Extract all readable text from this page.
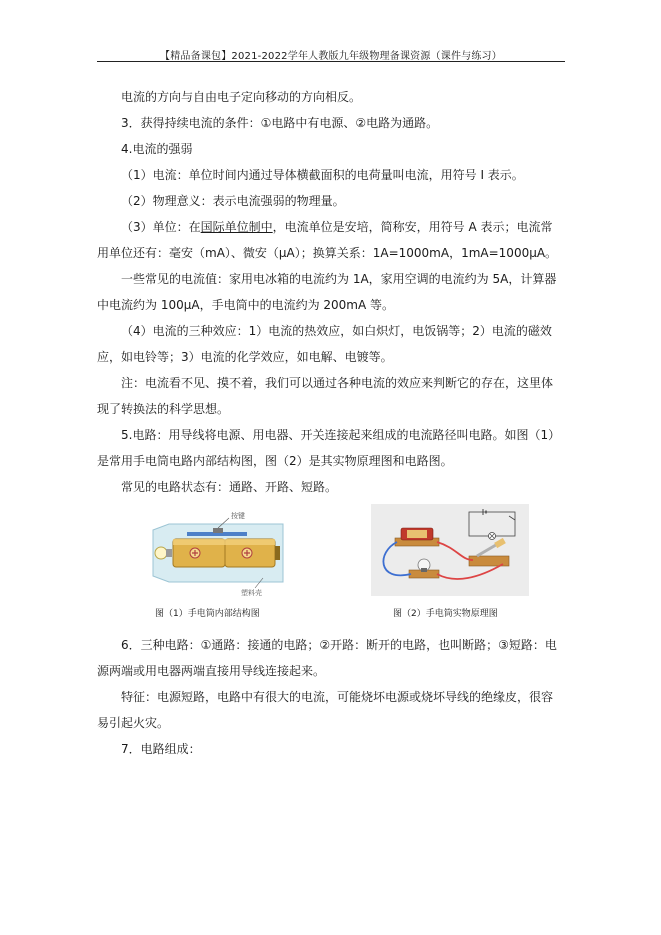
【精品备课包】2021-2022学年人教版九年级物理备课资源（课件与练习）

电流的方向与自由电子定向移动的方向相反。

3．获得持续电流的条件：①电路中有电源、②电路为通路。

4.电流的强弱

（1）电流：单位时间内通过导体横截面积的电荷量叫电流，用符号 I 表示。

（2）物理意义：表示电流强弱的物理量。

（3）单位：在国际单位制中，电流单位是安培，简称安，用符号 A 表示；电流常用单位还有：毫安（mA）、微安（μA）；换算关系：1A=1000mA，1mA=1000μA。

一些常见的电流值：家用电冰箱的电流约为 1A，家用空调的电流约为 5A，计算器中电流约为 100μA，手电筒中的电流约为 200mA 等。

（4）电流的三种效应：1）电流的热效应，如白炽灯，电饭锅等；2）电流的磁效应，如电铃等；3）电流的化学效应，如电解、电镀等。

注：电流看不见、摸不着，我们可以通过各种电流的效应来判断它的存在，这里体现了转换法的科学思想。

5.电路：用导线将电源、用电器、开关连接起来组成的电流路径叫电路。如图（1）是常用手电筒电路内部结构图，图（2）是其实物原理图和电路图。

常见的电路状态有：通路、开路、短路。

按键
塑料壳
图（1）手电筒内部结构图	图（2）手电筒实物原理图

6．三种电路：①通路：接通的电路；②开路：断开的电路，也叫断路；③短路：电源两端或用电器两端直接用导线连接起来。

特征：电源短路，电路中有很大的电流，可能烧坏电源或烧坏导线的绝缘皮，很容易引起火灾。

7．电路组成：
